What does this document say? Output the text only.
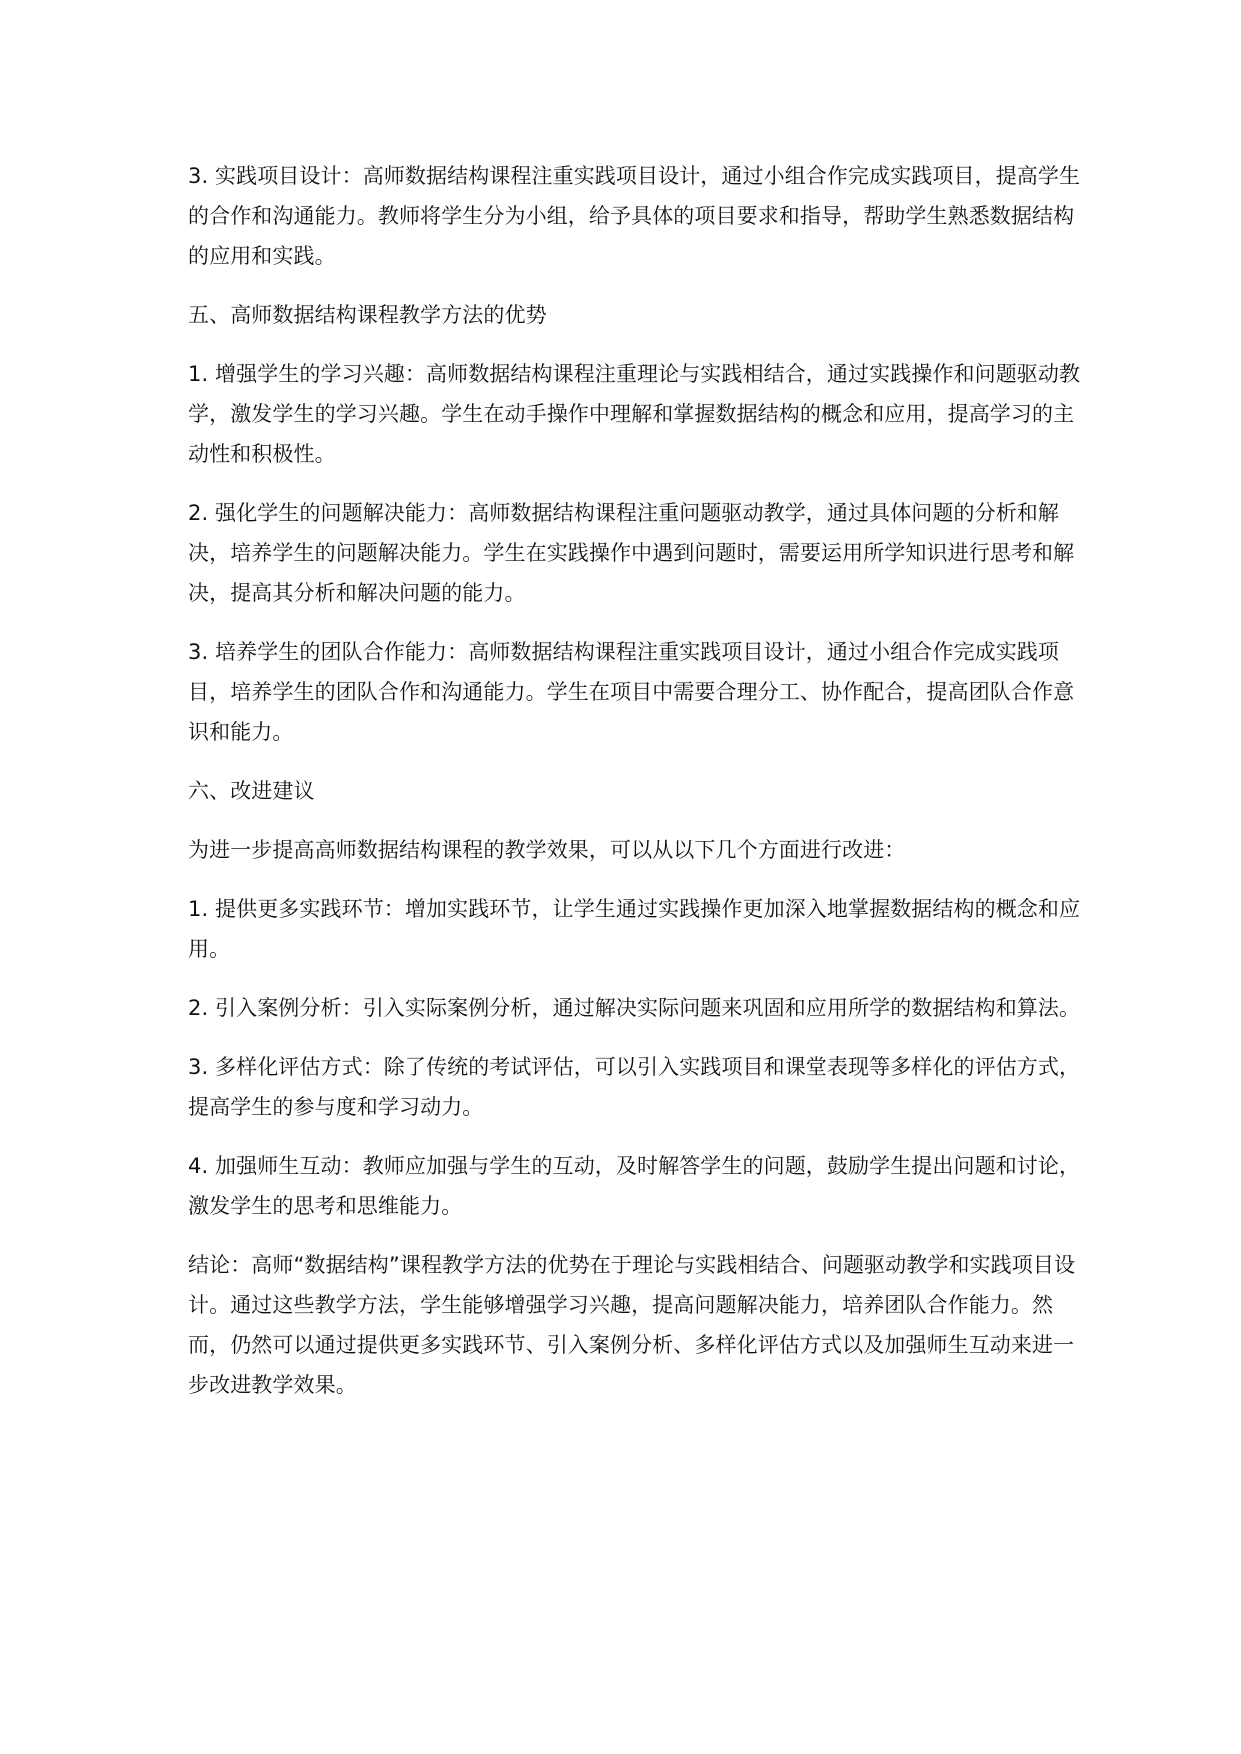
3. 实践项目设计：高师数据结构课程注重实践项目设计，通过小组合作完成实践项目，提高学生的合作和沟通能力。教师将学生分为小组，给予具体的项目要求和指导，帮助学生熟悉数据结构的应用和实践。

五、高师数据结构课程教学方法的优势

1. 增强学生的学习兴趣：高师数据结构课程注重理论与实践相结合，通过实践操作和问题驱动教学，激发学生的学习兴趣。学生在动手操作中理解和掌握数据结构的概念和应用，提高学习的主动性和积极性。

2. 强化学生的问题解决能力：高师数据结构课程注重问题驱动教学，通过具体问题的分析和解决，培养学生的问题解决能力。学生在实践操作中遇到问题时，需要运用所学知识进行思考和解决，提高其分析和解决问题的能力。

3. 培养学生的团队合作能力：高师数据结构课程注重实践项目设计，通过小组合作完成实践项目，培养学生的团队合作和沟通能力。学生在项目中需要合理分工、协作配合，提高团队合作意识和能力。

六、改进建议

为进一步提高高师数据结构课程的教学效果，可以从以下几个方面进行改进：

1. 提供更多实践环节：增加实践环节，让学生通过实践操作更加深入地掌握数据结构的概念和应用。

2. 引入案例分析：引入实际案例分析，通过解决实际问题来巩固和应用所学的数据结构和算法。

3. 多样化评估方式：除了传统的考试评估，可以引入实践项目和课堂表现等多样化的评估方式，提高学生的参与度和学习动力。

4. 加强师生互动：教师应加强与学生的互动，及时解答学生的问题，鼓励学生提出问题和讨论，激发学生的思考和思维能力。

结论：高师“数据结构”课程教学方法的优势在于理论与实践相结合、问题驱动教学和实践项目设计。通过这些教学方法，学生能够增强学习兴趣，提高问题解决能力，培养团队合作能力。然而，仍然可以通过提供更多实践环节、引入案例分析、多样化评估方式以及加强师生互动来进一步改进教学效果。
